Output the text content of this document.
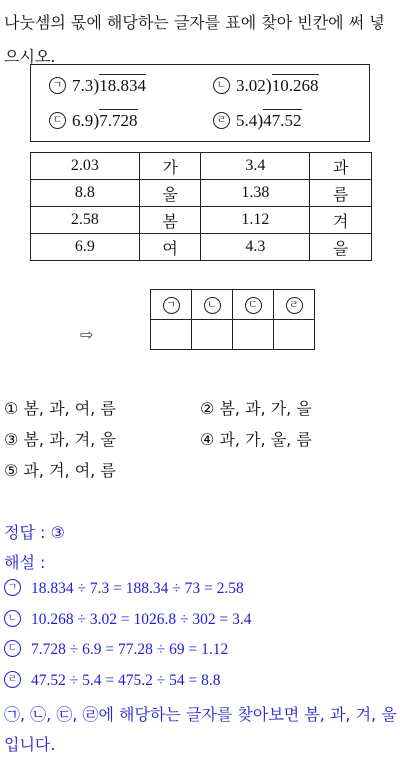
나눗셈의 몫에 해당하는 글자를 표에 찾아 빈칸에 써 넣으시오.
ㄱ 7.3)18.834	ㄴ 3.02)10.268
ㄷ 6.9)7.728	ㄹ 5.4)47.52
2.03	가	3.4	과
8.8	울	1.38	름
2.58	봄	1.12	겨
6.9	여	4.3	을
⇨
ㄱ	ㄴ	ㄷ	ㄹ

① 봄, 과, 여, 름	② 봄, 과, 가, 을
③ 봄, 과, 겨, 울	④ 과, 가, 울, 름
⑤ 과, 겨, 여, 름
정답 : ③
해설 :
ㄱ 18.834 ÷ 7.3 = 188.34 ÷ 73 = 2.58
ㄴ 10.268 ÷ 3.02 = 1026.8 ÷ 302 = 3.4
ㄷ 7.728 ÷ 6.9 = 77.28 ÷ 69 = 1.12
ㄹ 47.52 ÷ 5.4 = 475.2 ÷ 54 = 8.8
㉠, ㉡, ㉢, ㉣에 해당하는 글자를 찾아보면 봄, 과, 겨, 울입니다.
